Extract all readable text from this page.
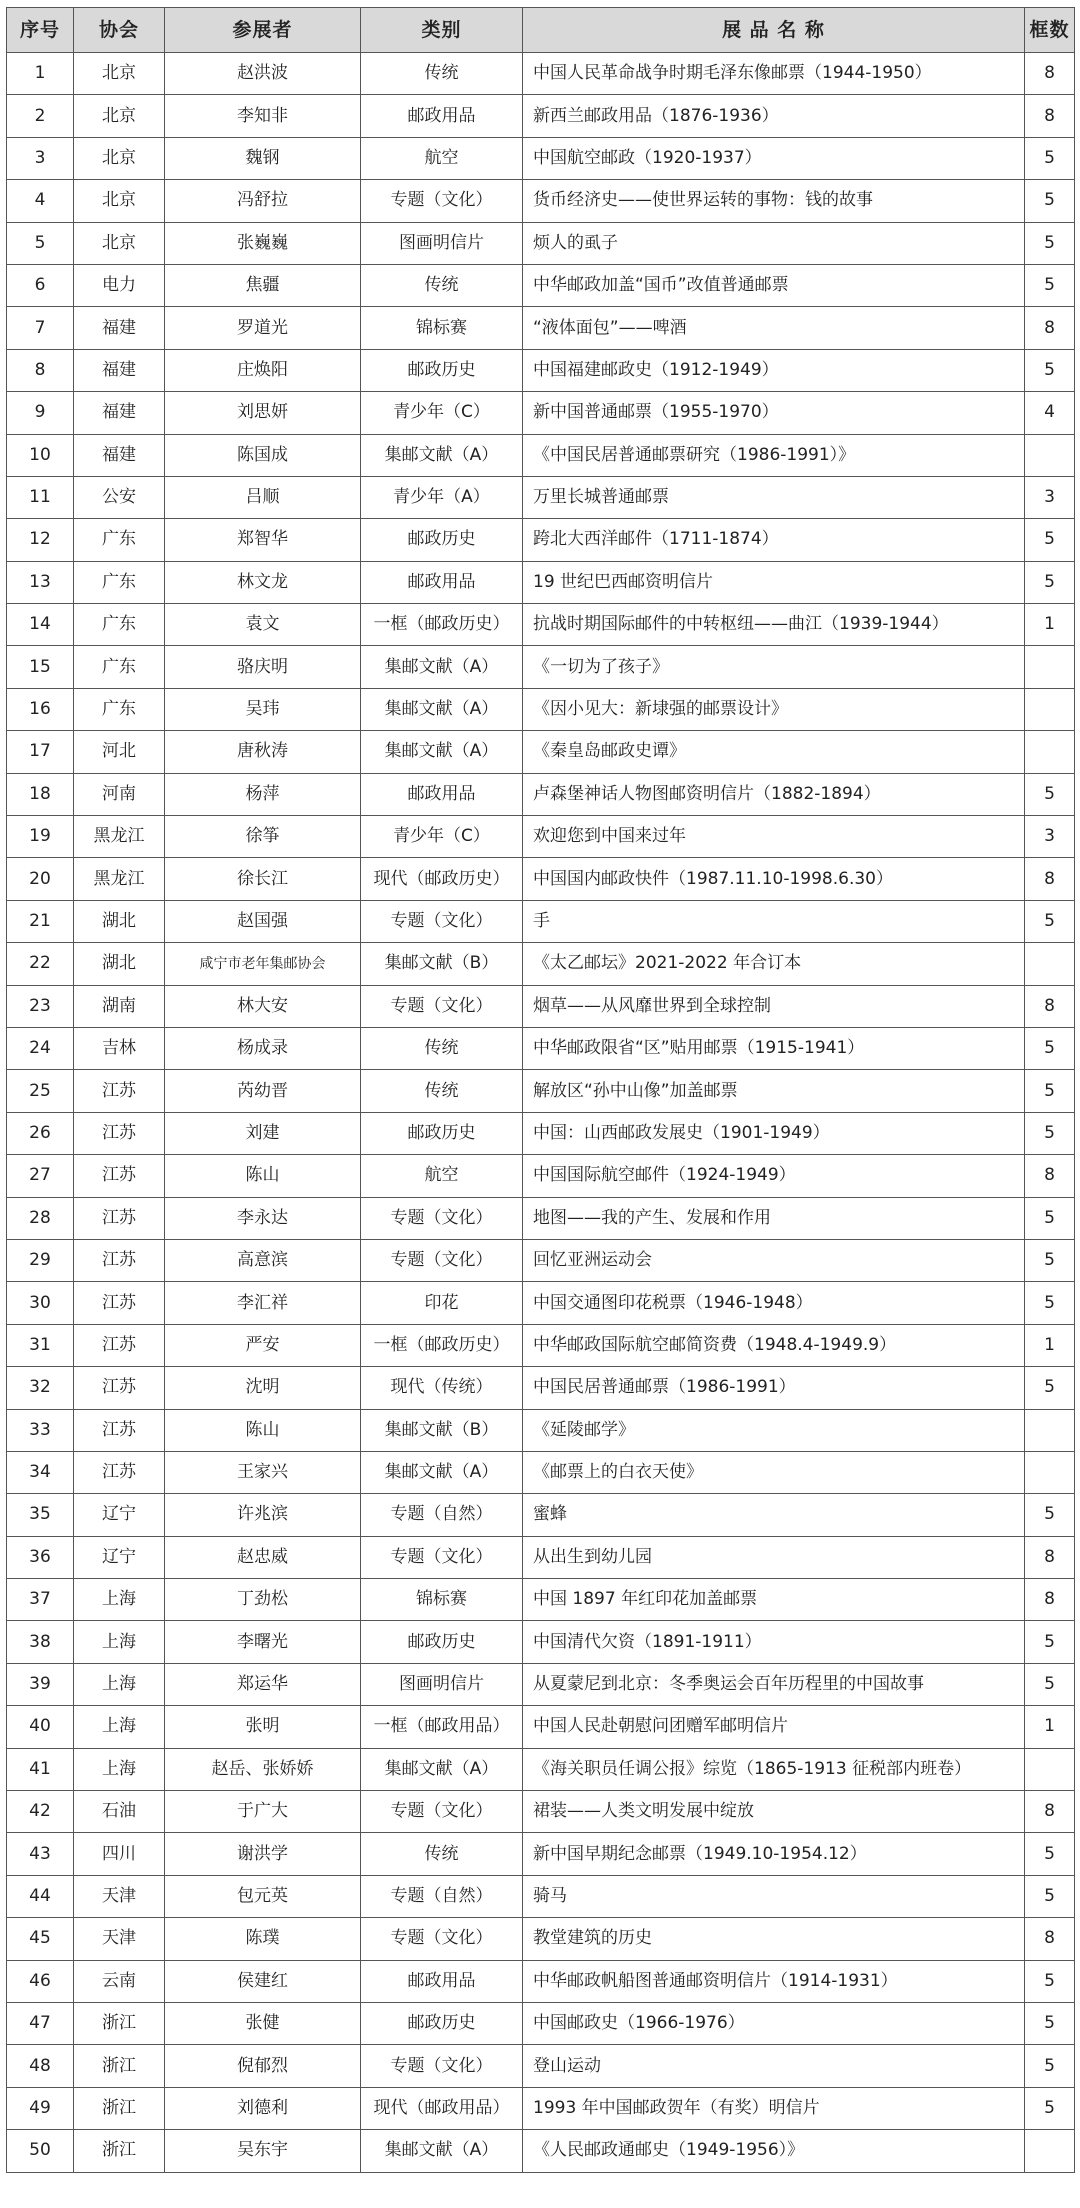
序号	协会	参展者	类别	展 品 名 称	框数
1	北京	赵洪波	传统	中国人民革命战争时期毛泽东像邮票（1944-1950）	8
2	北京	李知非	邮政用品	新西兰邮政用品（1876-1936）	8
3	北京	魏钢	航空	中国航空邮政（1920-1937）	5
4	北京	冯舒拉	专题（文化）	货币经济史——使世界运转的事物：钱的故事	5
5	北京	张巍巍	图画明信片	烦人的虱子	5
6	电力	焦疆	传统	中华邮政加盖“国币”改值普通邮票	5
7	福建	罗道光	锦标赛	“液体面包”——啤酒	8
8	福建	庄焕阳	邮政历史	中国福建邮政史（1912-1949）	5
9	福建	刘思妍	青少年（C）	新中国普通邮票（1955-1970）	4
10	福建	陈国成	集邮文献（A）	《中国民居普通邮票研究（1986-1991）》	
11	公安	吕顺	青少年（A）	万里长城普通邮票	3
12	广东	郑智华	邮政历史	跨北大西洋邮件（1711-1874）	5
13	广东	林文龙	邮政用品	19 世纪巴西邮资明信片	5
14	广东	袁文	一框（邮政历史）	抗战时期国际邮件的中转枢纽——曲江（1939-1944）	1
15	广东	骆庆明	集邮文献（A）	《一切为了孩子》	
16	广东	吴玮	集邮文献（A）	《因小见大：新埭强的邮票设计》	
17	河北	唐秋涛	集邮文献（A）	《秦皇岛邮政史谭》	
18	河南	杨萍	邮政用品	卢森堡神话人物图邮资明信片（1882-1894）	5
19	黑龙江	徐筝	青少年（C）	欢迎您到中国来过年	3
20	黑龙江	徐长江	现代（邮政历史）	中国国内邮政快件（1987.11.10-1998.6.30）	8
21	湖北	赵国强	专题（文化）	手	5
22	湖北	咸宁市老年集邮协会	集邮文献（B）	《太乙邮坛》2021-2022 年合订本	
23	湖南	林大安	专题（文化）	烟草——从风靡世界到全球控制	8
24	吉林	杨成录	传统	中华邮政限省“区”贴用邮票（1915-1941）	5
25	江苏	芮幼晋	传统	解放区“孙中山像”加盖邮票	5
26	江苏	刘建	邮政历史	中国：山西邮政发展史（1901-1949）	5
27	江苏	陈山	航空	中国国际航空邮件（1924-1949）	8
28	江苏	李永达	专题（文化）	地图——我的产生、发展和作用	5
29	江苏	高意滨	专题（文化）	回忆亚洲运动会	5
30	江苏	李汇祥	印花	中国交通图印花税票（1946-1948）	5
31	江苏	严安	一框（邮政历史）	中华邮政国际航空邮简资费（1948.4-1949.9）	1
32	江苏	沈明	现代（传统）	中国民居普通邮票（1986-1991）	5
33	江苏	陈山	集邮文献（B）	《延陵邮学》	
34	江苏	王家兴	集邮文献（A）	《邮票上的白衣天使》	
35	辽宁	许兆滨	专题（自然）	蜜蜂	5
36	辽宁	赵忠威	专题（文化）	从出生到幼儿园	8
37	上海	丁劲松	锦标赛	中国 1897 年红印花加盖邮票	8
38	上海	李曙光	邮政历史	中国清代欠资（1891-1911）	5
39	上海	郑运华	图画明信片	从夏蒙尼到北京：冬季奥运会百年历程里的中国故事	5
40	上海	张明	一框（邮政用品）	中国人民赴朝慰问团赠军邮明信片	1
41	上海	赵岳、张娇娇	集邮文献（A）	《海关职员任调公报》综览（1865-1913 征税部内班卷）	
42	石油	于广大	专题（文化）	裙装——人类文明发展中绽放	8
43	四川	谢洪学	传统	新中国早期纪念邮票（1949.10-1954.12）	5
44	天津	包元英	专题（自然）	骑马	5
45	天津	陈璞	专题（文化）	教堂建筑的历史	8
46	云南	侯建红	邮政用品	中华邮政帆船图普通邮资明信片（1914-1931）	5
47	浙江	张健	邮政历史	中国邮政史（1966-1976）	5
48	浙江	倪郁烈	专题（文化）	登山运动	5
49	浙江	刘德利	现代（邮政用品）	1993 年中国邮政贺年（有奖）明信片	5
50	浙江	吴东宇	集邮文献（A）	《人民邮政通邮史（1949-1956）》	
